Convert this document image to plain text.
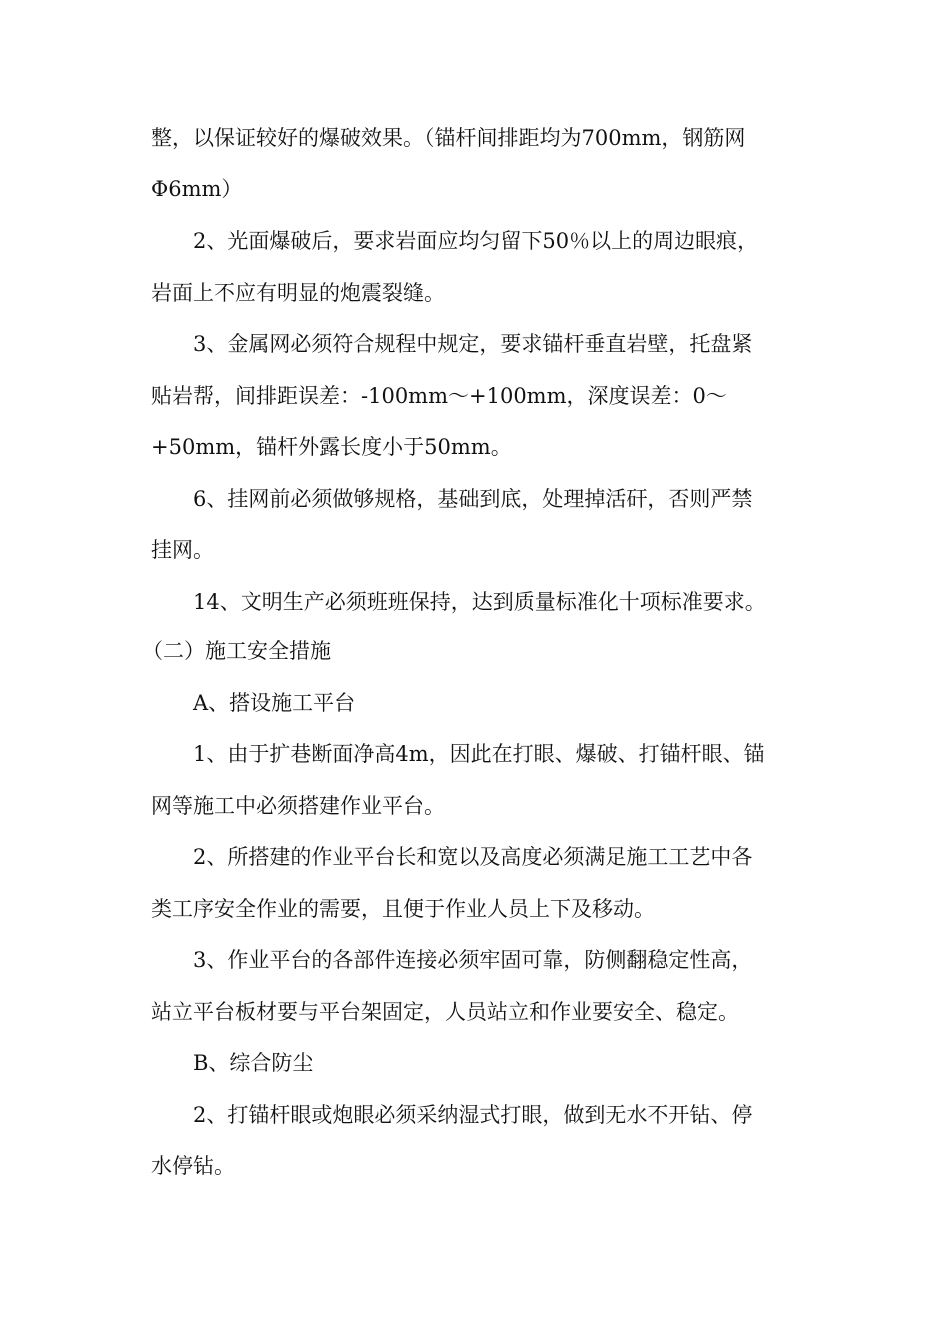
整，以保证较好的爆破效果。（锚杆间排距均为700mm，钢筋网
Φ6mm）
2、光面爆破后，要求岩面应均匀留下50％以上的周边眼痕，
岩面上不应有明显的炮震裂缝。
3、金属网必须符合规程中规定，要求锚杆垂直岩壁，托盘紧
贴岩帮，间排距误差：-100mm～+100mm，深度误差：0～
+50mm，锚杆外露长度小于50mm。
6、挂网前必须做够规格，基础到底，处理掉活矸，否则严禁
挂网。
14、文明生产必须班班保持，达到质量标准化十项标准要求。
（二）施工安全措施
A、搭设施工平台
1、由于扩巷断面净高4m，因此在打眼、爆破、打锚杆眼、锚
网等施工中必须搭建作业平台。
2、所搭建的作业平台长和宽以及高度必须满足施工工艺中各
类工序安全作业的需要，且便于作业人员上下及移动。
3、作业平台的各部件连接必须牢固可靠，防侧翻稳定性高，
站立平台板材要与平台架固定，人员站立和作业要安全、稳定。
B、综合防尘
2、打锚杆眼或炮眼必须采纳湿式打眼，做到无水不开钻、停
水停钻。
